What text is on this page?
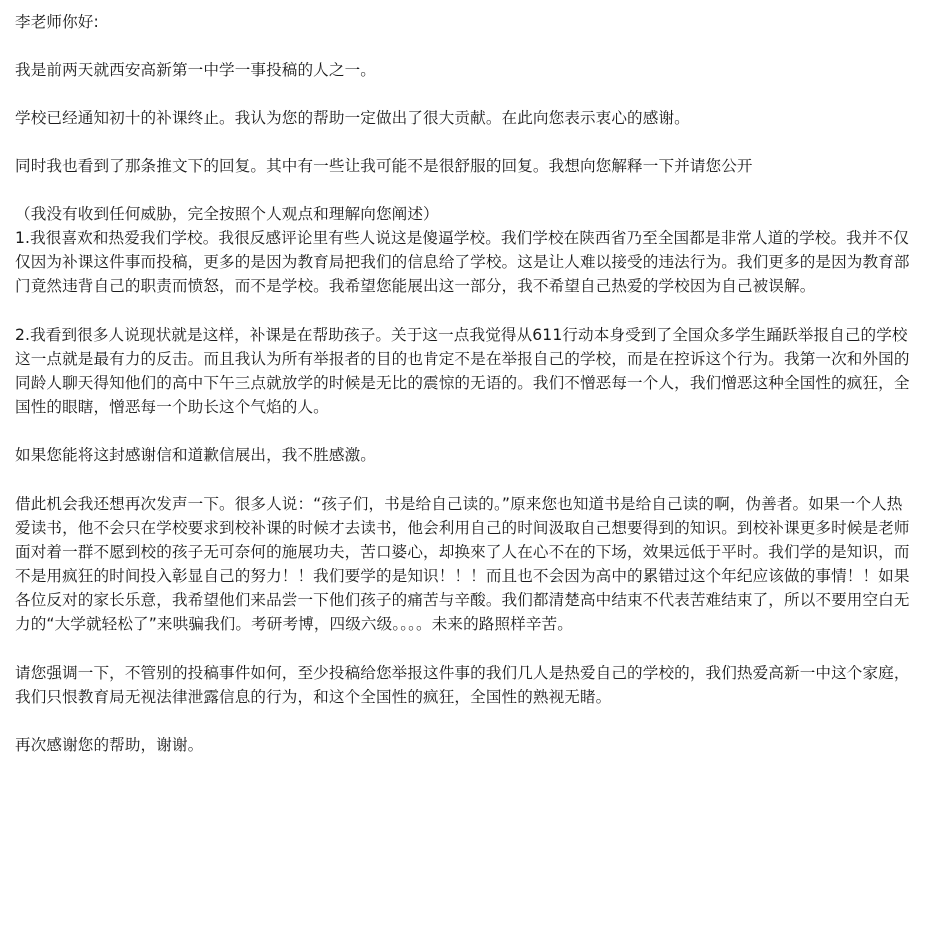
李老师你好:

我是前两天就西安高新第一中学一事投稿的人之一。

学校已经通知初十的补课终止。我认为您的帮助一定做出了很大贡献。在此向您表示衷心的感谢。

同时我也看到了那条推文下的回复。其中有一些让我可能不是很舒服的回复。我想向您解释一下并请您公开

（我没有收到任何威胁，完全按照个人观点和理解向您阐述）

1.我很喜欢和热爱我们学校。我很反感评论里有些人说这是傻逼学校。我们学校在陕西省乃至全国都是非常人道的学校。我并不仅仅因为补课这件事而投稿，更多的是因为教育局把我们的信息给了学校。这是让人难以接受的违法行为。我们更多的是因为教育部门竟然违背自己的职责而愤怒，而不是学校。我希望您能展出这一部分，我不希望自己热爱的学校因为自己被误解。

2.我看到很多人说现状就是这样，补课是在帮助孩子。关于这一点我觉得从611行动本身受到了全国众多学生踊跃举报自己的学校这一点就是最有力的反击。而且我认为所有举报者的目的也肯定不是在举报自己的学校，而是在控诉这个行为。我第一次和外国的同龄人聊天得知他们的高中下午三点就放学的时候是无比的震惊的无语的。我们不憎恶每一个人，我们憎恶这种全国性的疯狂，全国性的眼瞎，憎恶每一个助长这个气焰的人。

如果您能将这封感谢信和道歉信展出，我不胜感激。

借此机会我还想再次发声一下。很多人说：“孩子们，书是给自己读的。”原来您也知道书是给自己读的啊，伪善者。如果一个人热爱读书，他不会只在学校要求到校补课的时候才去读书，他会利用自己的时间汲取自己想要得到的知识。到校补课更多时候是老师面对着一群不愿到校的孩子无可奈何的施展功夫，苦口婆心，却换來了人在心不在的下场，效果远低于平时。我们学的是知识，而不是用疯狂的时间投入彰显自己的努力！！我们要学的是知识！！！而且也不会因为高中的累错过这个年纪应该做的事情！！如果各位反对的家长乐意，我希望他们来品尝一下他们孩子的痛苦与辛酸。我们都清楚高中结束不代表苦难结束了，所以不要用空白无力的“大学就轻松了”来哄骗我们。考研考博，四级六级。。。。未来的路照样辛苦。

请您强调一下，不管别的投稿事件如何，至少投稿给您举报这件事的我们几人是热爱自己的学校的，我们热爱高新一中这个家庭，我们只恨教育局无视法律泄露信息的行为，和这个全国性的疯狂，全国性的熟视无睹。

再次感谢您的帮助，谢谢。
